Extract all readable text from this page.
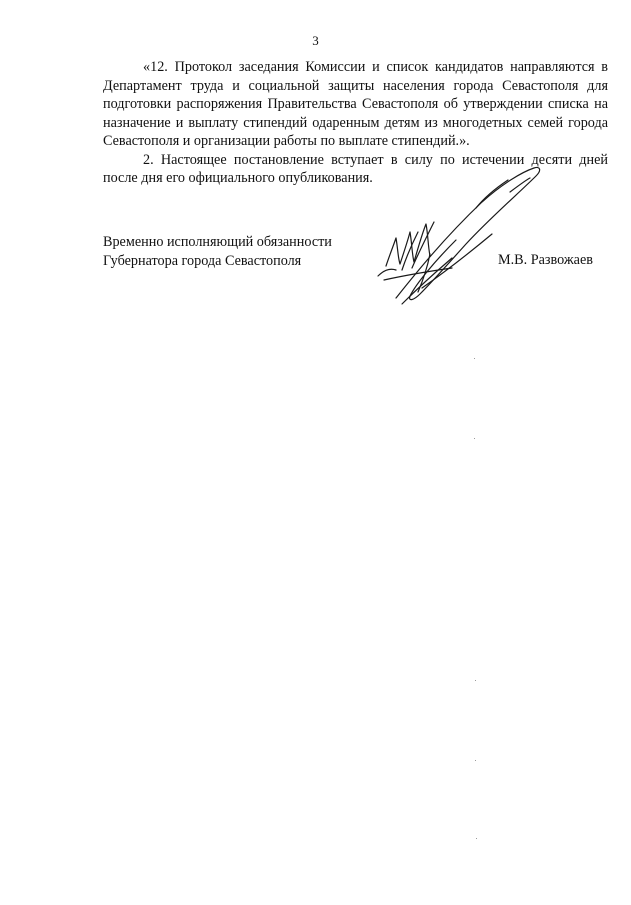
3

«12. Протокол заседания Комиссии и список кандидатов направляются в Департамент труда и социальной защиты населения города Севастополя для подготовки распоряжения Правительства Севастополя об утверждении списка на назначение и выплату стипендий одаренным детям из многодетных семей города Севастополя и организации работы по выплате стипендий.».

2. Настоящее постановление вступает в силу по истечении десяти дней после дня его официального опубликования.

Временно исполняющий обязанности
Губернатора города Севастополя	М.В. Развожаев
